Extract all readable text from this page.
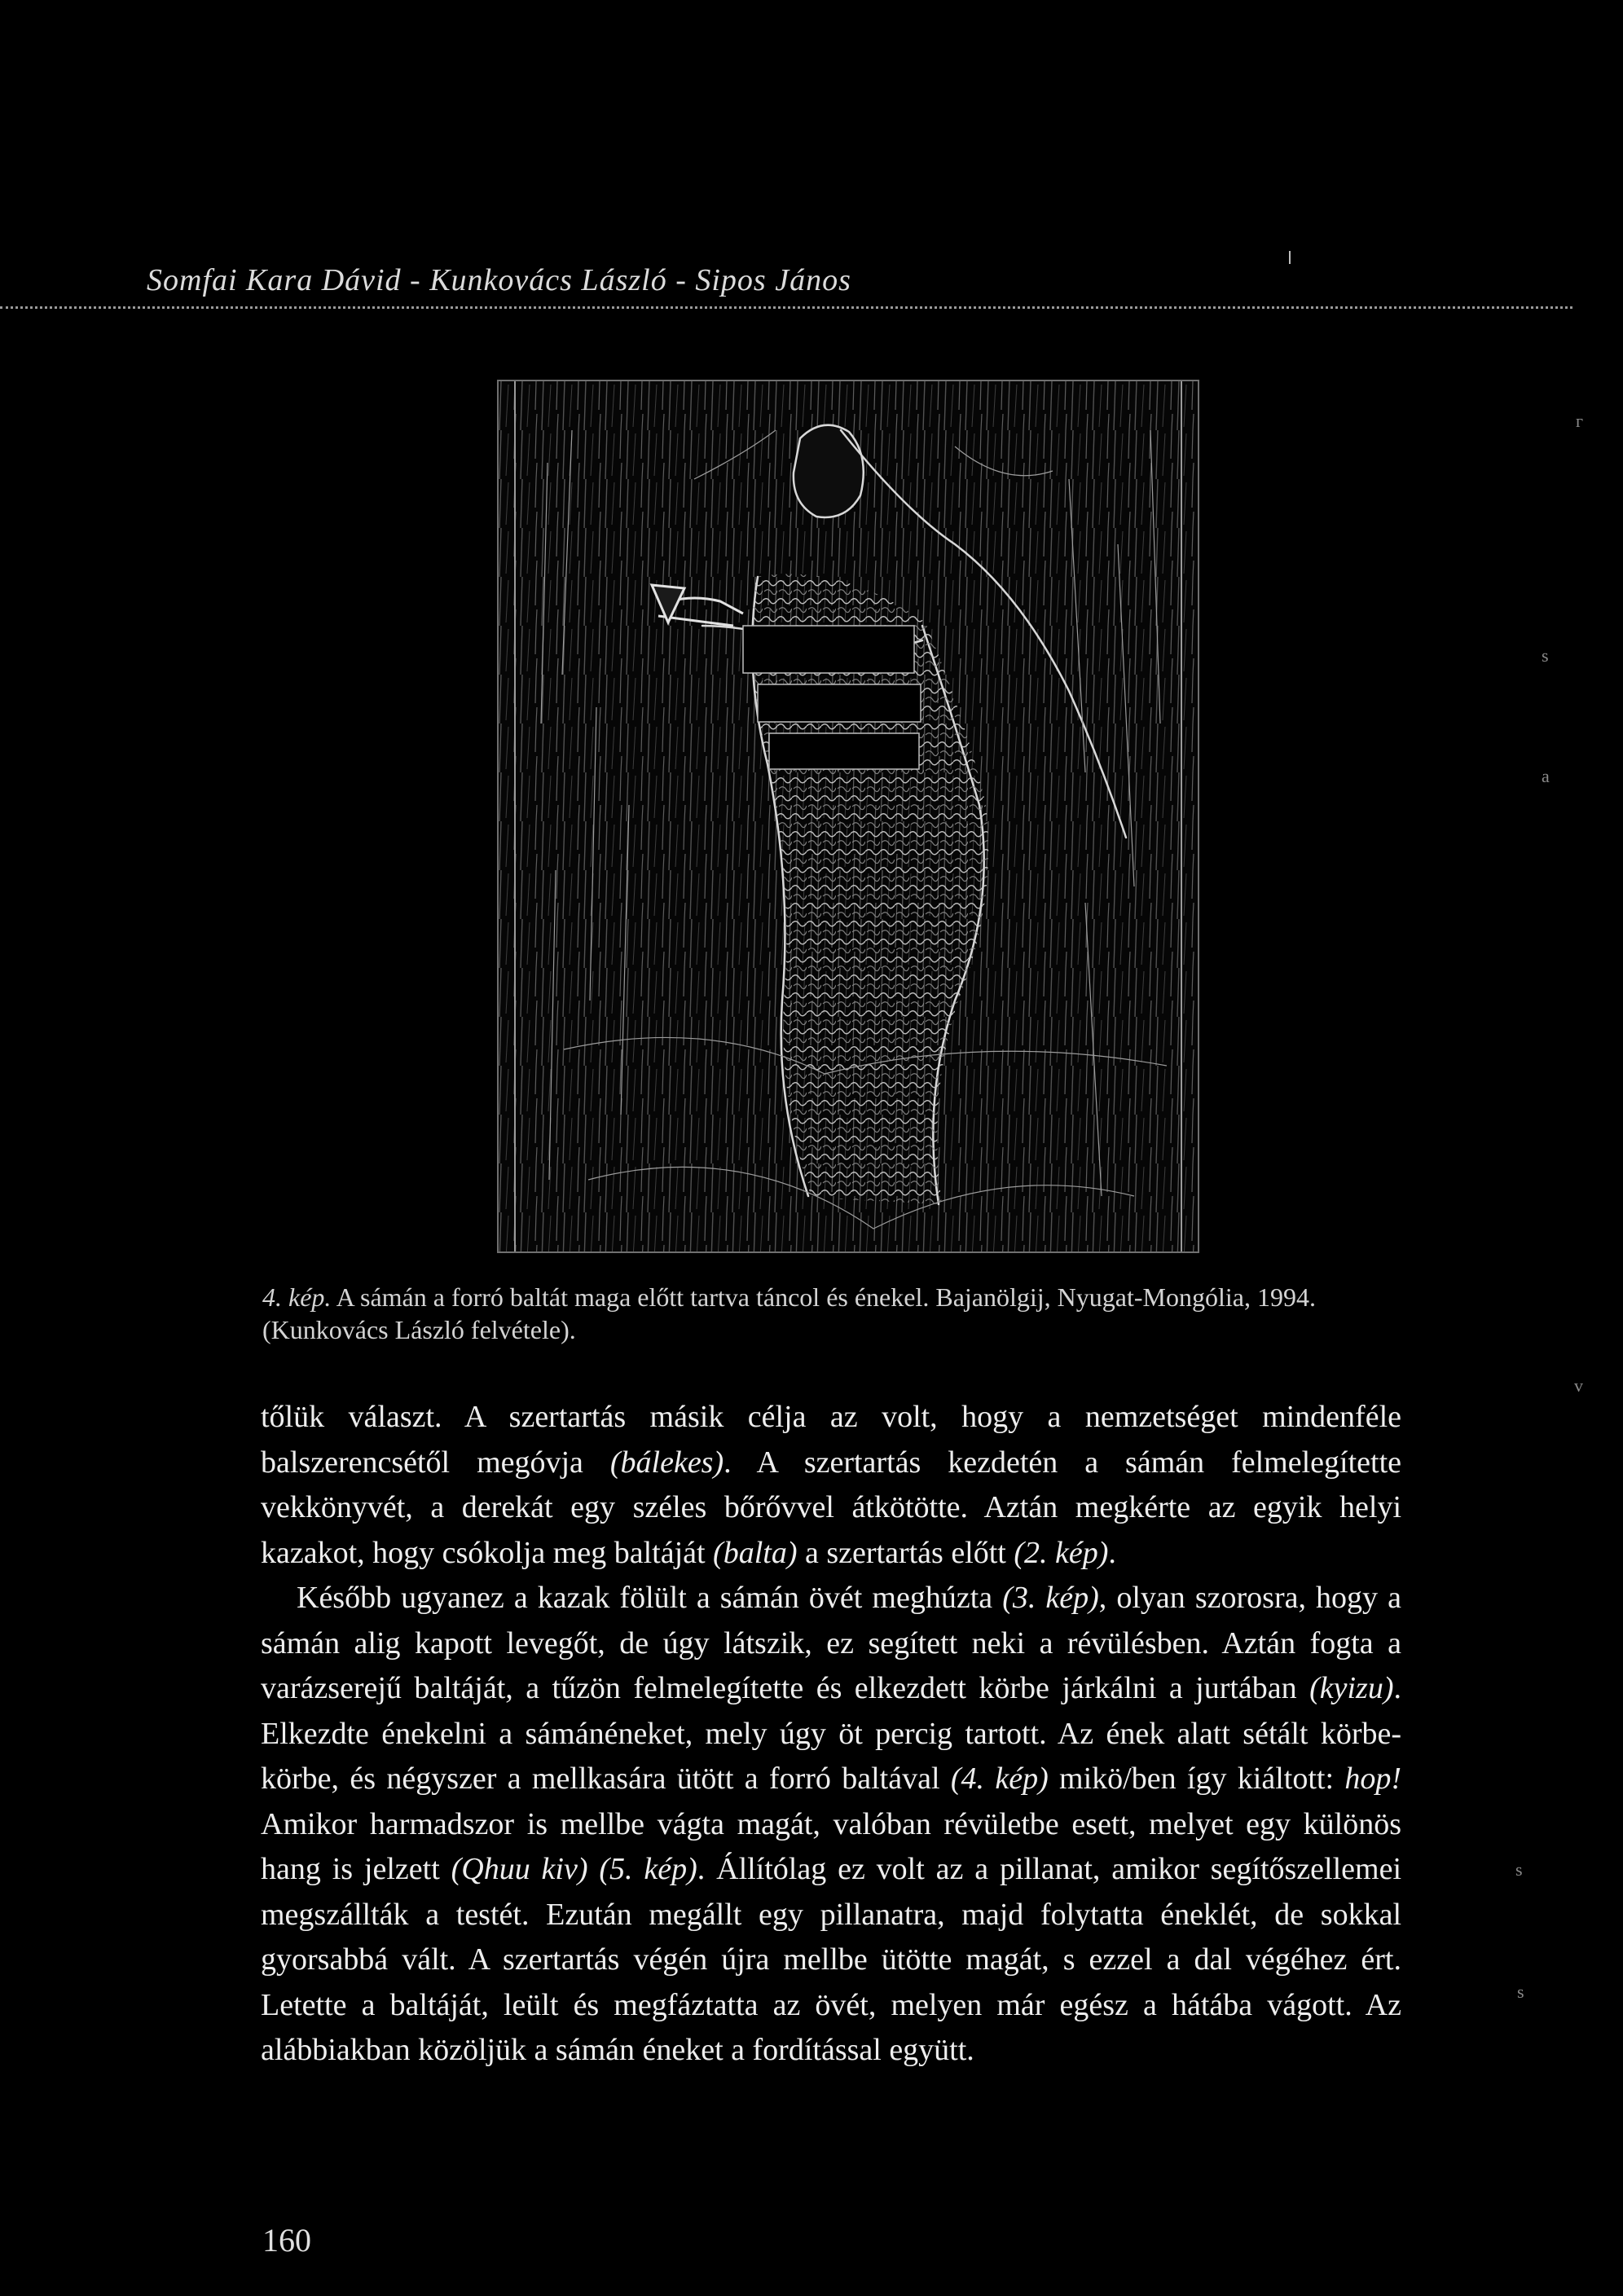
Somfai Kara Dávid - Kunkovács László - Sipos János
4. kép. A sámán a forró baltát maga előtt tartva táncol és énekel. Bajanölgij, Nyugat-Mongólia, 1994. (Kunkovács László felvétele).

tőlük választ. A szertartás másik célja az volt, hogy a nemzetséget mindenféle balszerencsétől megóvja (bálekes). A szertartás kezdetén a sámán felmelegítette vekkönyvét, a derekát egy széles bőrővvel átkötötte. Aztán megkérte az egyik helyi kazakot, hogy csókolja meg baltáját (balta) a szertartás előtt (2. kép).

Később ugyanez a kazak fölült a sámán övét meghúzta (3. kép), olyan szorosra, hogy a sámán alig kapott levegőt, de úgy látszik, ez segített neki a révülésben. Aztán fogta a varázserejű baltáját, a tűzön felmelegítette és elkezdett körbe járkálni a jurtában (kyizu). Elkezdte énekelni a sámánéneket, mely úgy öt percig tartott. Az ének alatt sétált körbe-körbe, és négyszer a mellkasára ütött a forró baltával (4. kép) mikö/ben így kiáltott: hop! Amikor harmadszor is mellbe vágta magát, valóban révületbe esett, melyet egy különös hang is jelzett (Qhuu kiv) (5. kép). Állítólag ez volt az a pillanat, amikor segítőszellemei megszállták a testét. Ezután megállt egy pillanatra, majd folytatta éneklét, de sokkal gyorsabbá vált. A szertartás végén újra mellbe ütötte magát, s ezzel a dal végéhez ért. Letette a baltáját, leült és megfáztatta az övét, melyen már egész a hátába vágott. Az alábbiakban közöljük a sámán éneket a fordítással együtt.

160
г
s
a
v
s
s
